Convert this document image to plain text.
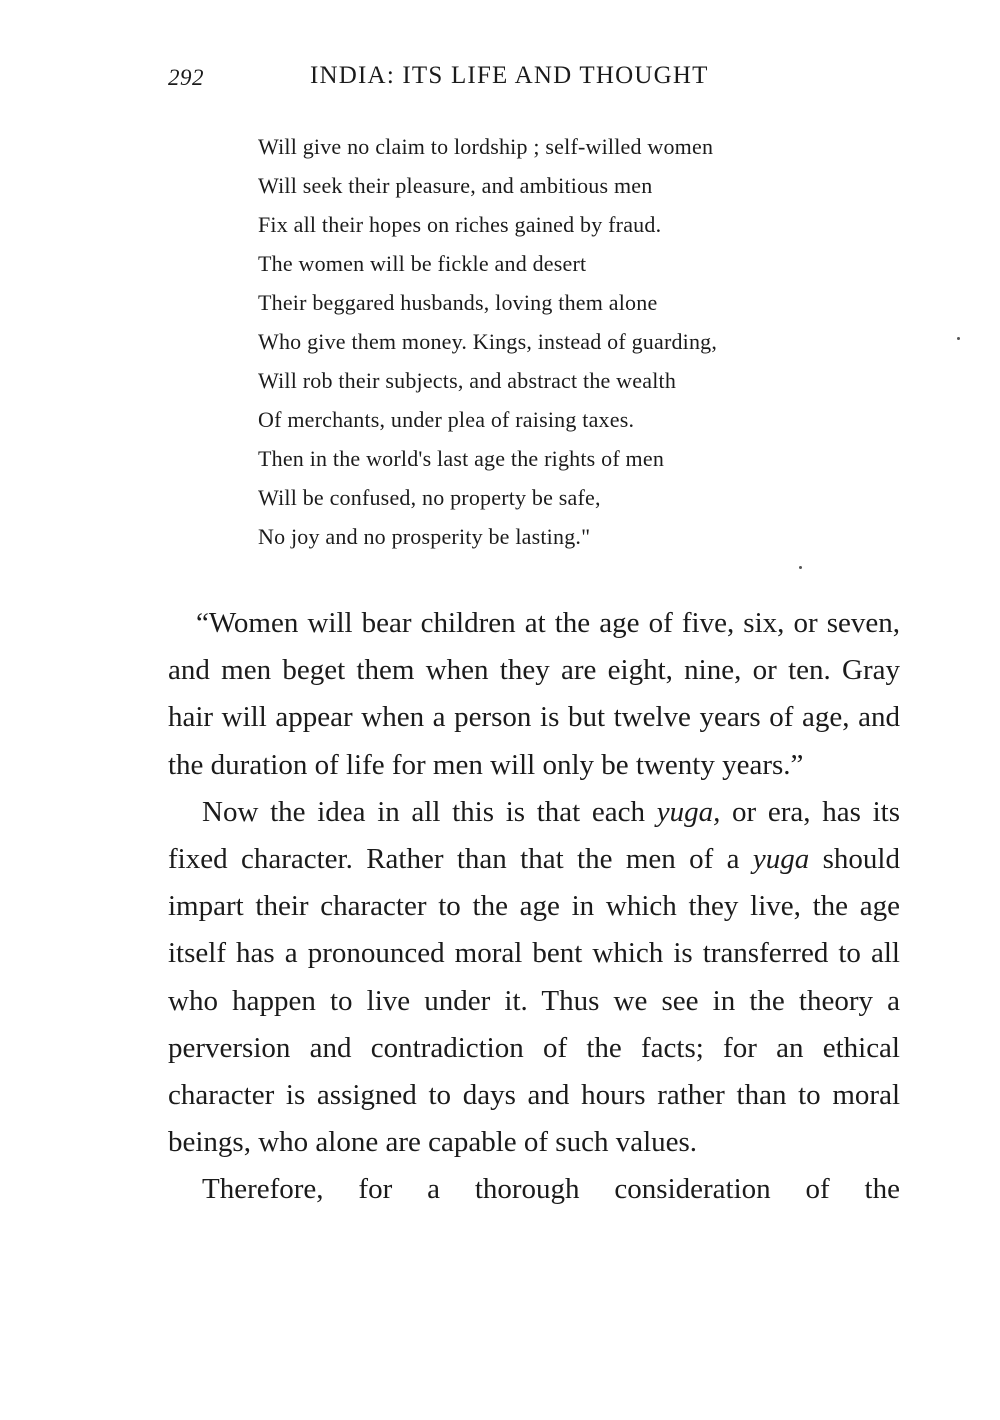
292	INDIA: ITS LIFE AND THOUGHT
Will give no claim to lordship ; self-willed women
Will seek their pleasure, and ambitious men
Fix all their hopes on riches gained by fraud.
The women will be fickle and desert
Their beggared husbands, loving them alone
Who give them money. Kings, instead of guarding,
Will rob their subjects, and abstract the wealth
Of merchants, under plea of raising taxes.
Then in the world's last age the rights of men
Will be confused, no property be safe,
No joy and no prosperity be lasting."

“Women will bear children at the age of five, six, or seven, and men beget them when they are eight, nine, or ten. Gray hair will appear when a person is but twelve years of age, and the duration of life for men will only be twenty years.”

Now the idea in all this is that each yuga, or era, has its fixed character. Rather than that the men of a yuga should impart their character to the age in which they live, the age itself has a pronounced moral bent which is transferred to all who happen to live under it. Thus we see in the theory a perversion and contradiction of the facts; for an ethical character is assigned to days and hours rather than to moral beings, who alone are capable of such values.

Therefore, for a thorough consideration of the
